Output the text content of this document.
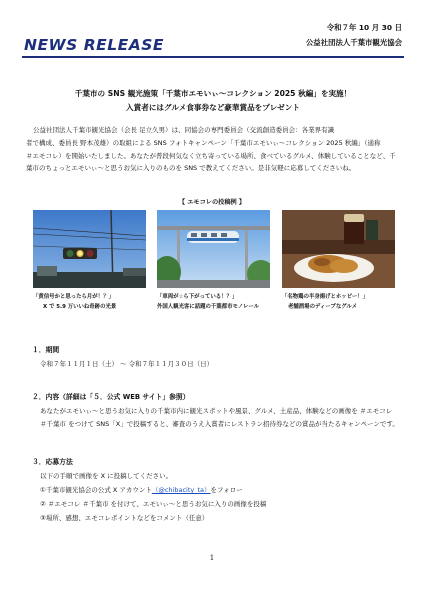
令和７年 10 月 30 日
NEWS RELEASE	公益社団法人千葉市観光協会
千葉市の SNS 観光施策「千葉市エモいぃ～コレクション 2025 秋編」を実施！
入賞者にはグルメ食事券など豪華賞品をプレゼント
公益社団法人千葉市観光協会（会長 足立久男）は、同協会の専門委員会（交流創造委員会：各業界有識
者で構成、委員長 野本茂雄）の取組による SNS フォトキャンペーン「千葉市エモいぃ～コレクション 2025 秋編」（通称
＃エモコレ）を開始いたしました。あなたが普段何気なく立ち寄っている場所、食べているグルメ、体験していることなど、千
葉市のちょっとエモいぃ～と思うお気に入りのものを SNS で教えてください。是非気軽に応募してくださいね。
【 エモコレの投稿例 】
「黄信号かと思ったら月が！？」
X で 5.9 万いいね奇跡の光景
「車両が☆ら下がっている！？」
外国人観光客に話題の千葉都市モノレール
「名物鶏の半身揚げとホッピー！」
老舗酒場のディープなグルメ
１．期間
令和７年１１月１日（土） ～ 令和７年１１月３０日（日）
２．内容（詳細は「５．公式 WEB サイト」参照）
あなたがエモいぃ～と思うお気に入りの千葉市内に観光スポットや風景、グルメ、土産品、体験などの画像を ＃エモコレ
＃千葉市 をつけて SNS「X」で投稿すると、審査のうえ入賞者にレストラン招待券などの賞品が当たるキャンペーンです。
３．応募方法
以下の手順で画像を X に投稿してください。
①千葉市観光協会の公式 X アカウント（@chibacity_ta）をフォロー
② ＃エモコレ ＃千葉市 を付けて、エモいぃ～と思うお気に入りの画像を投稿
③場所、感想、エモコレポイントなどをコメント（任意）
1
